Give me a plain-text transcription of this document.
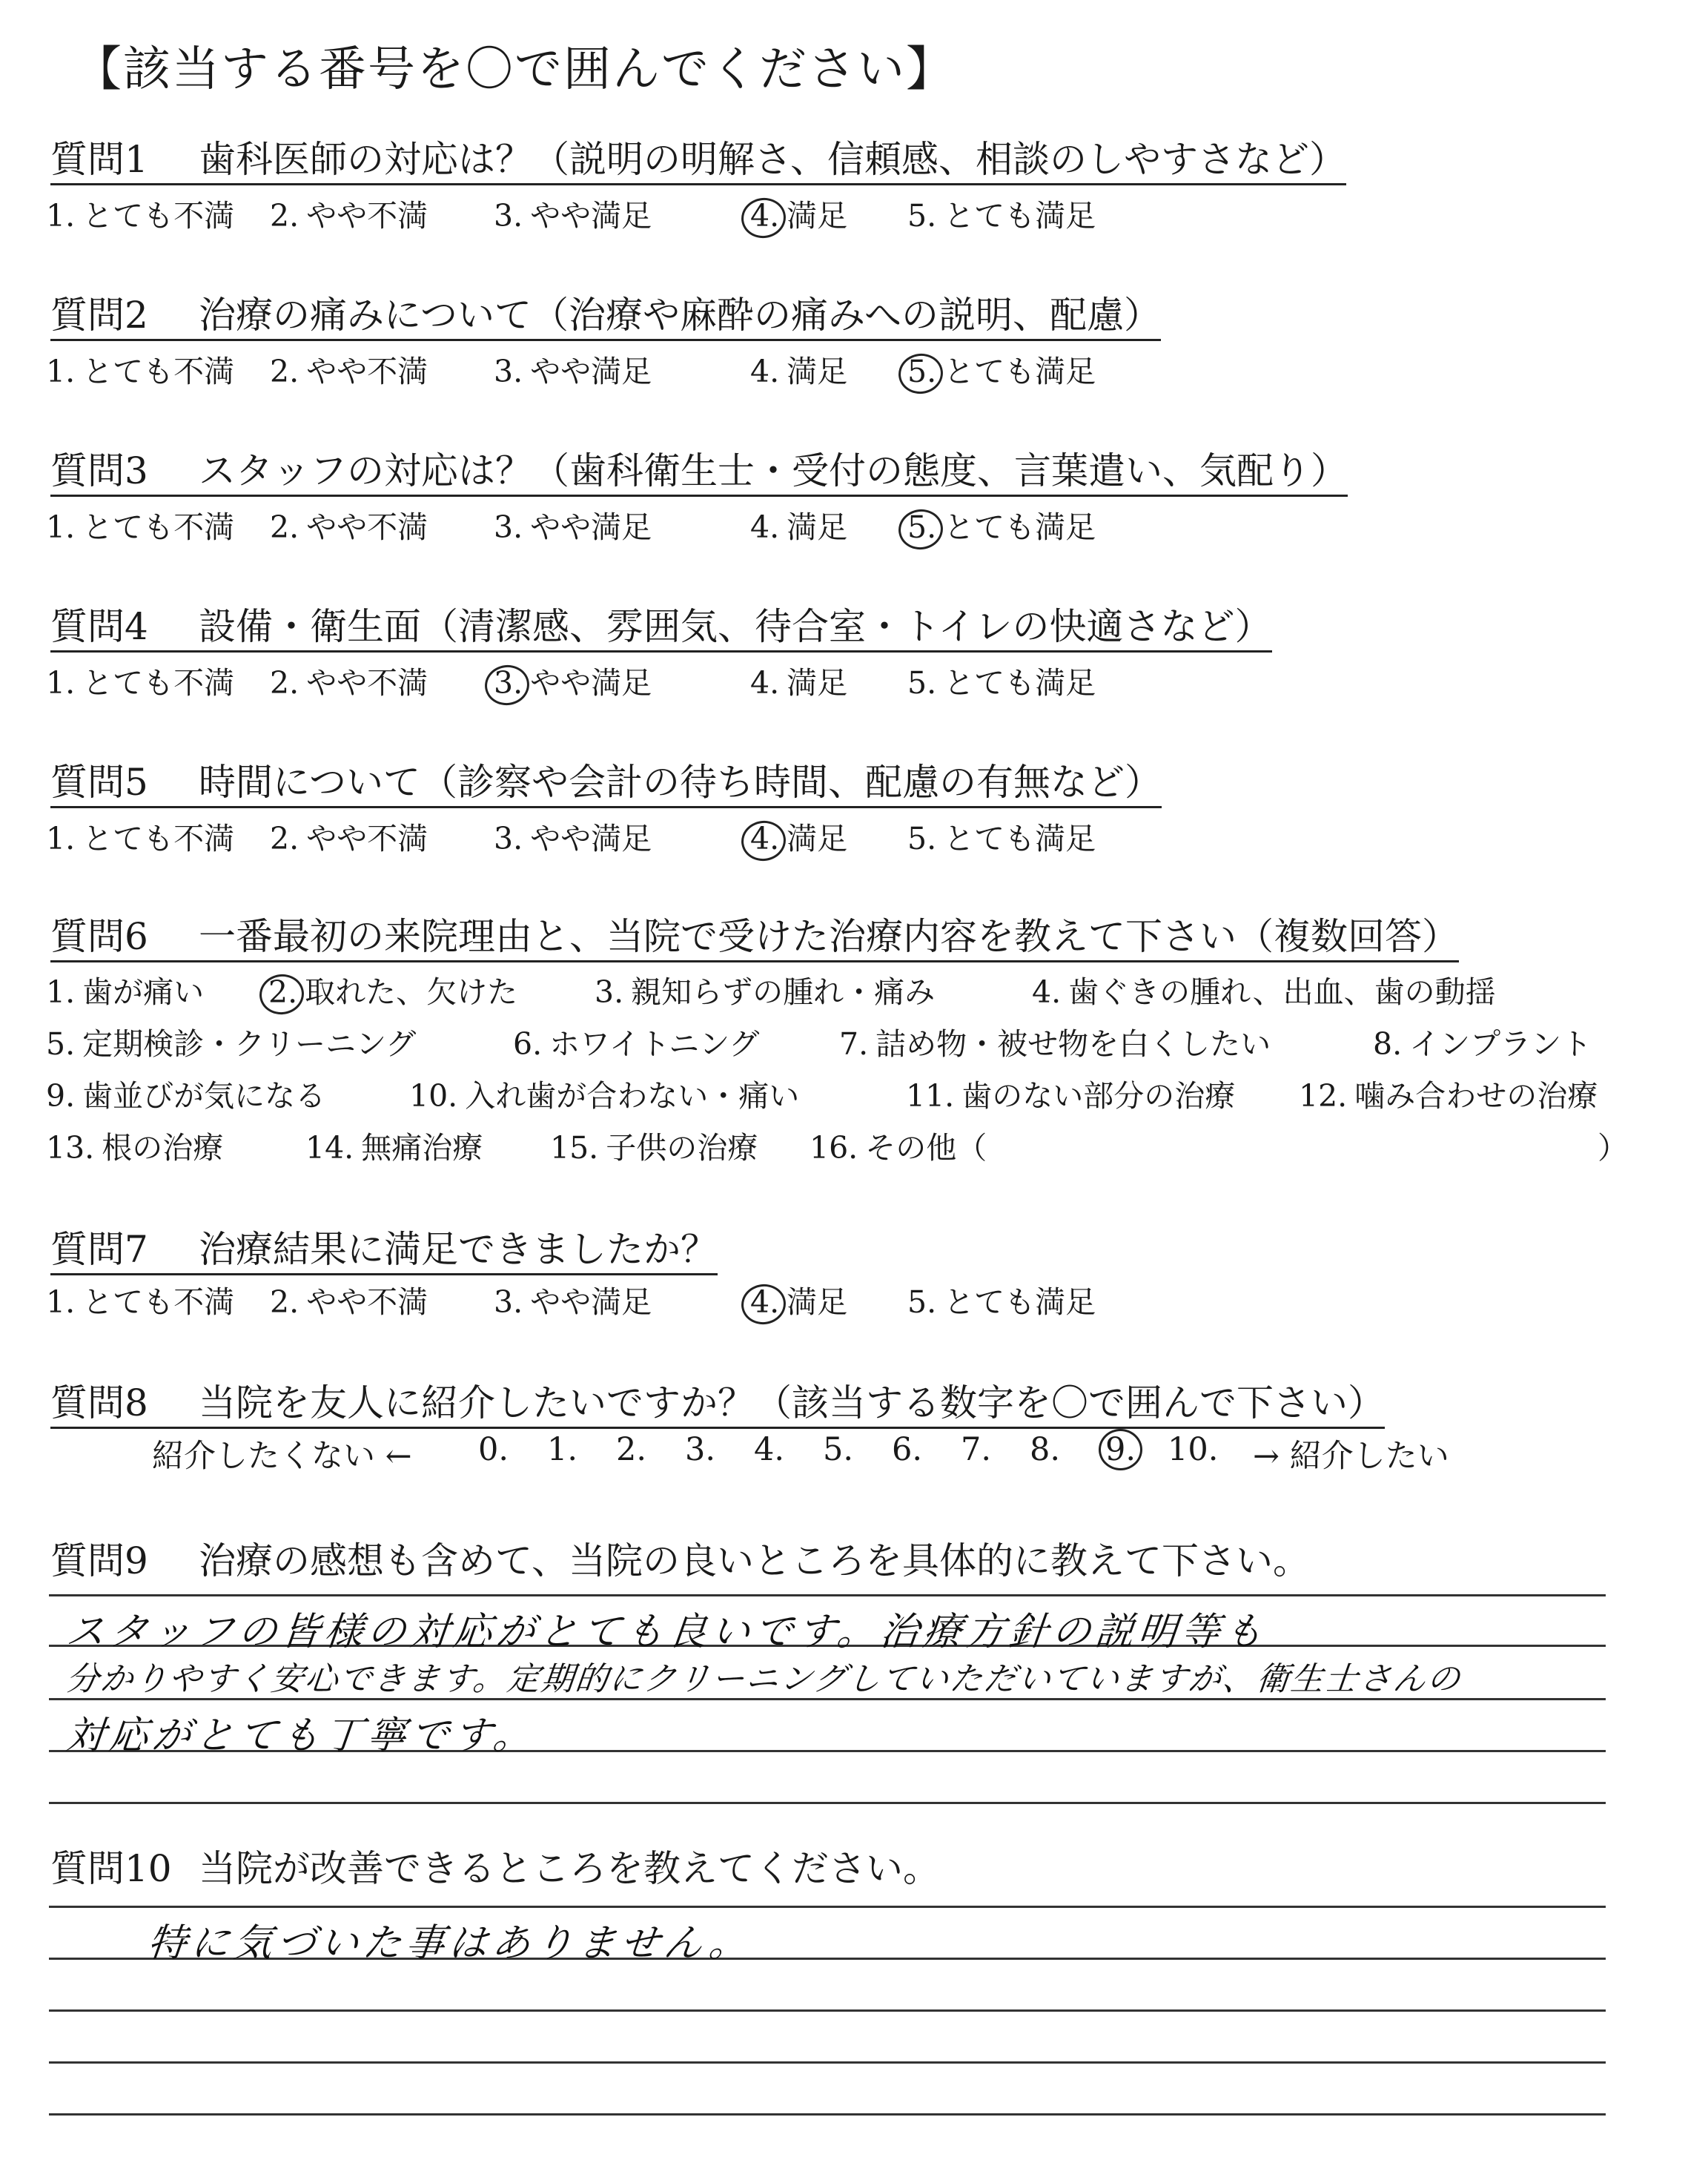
【該当する番号を〇で囲んでください】
質問1 歯科医師の対応は？（説明の明解さ、信頼感、相談のしやすさなど）
1. とても不満 2. やや不満 3. やや満足	4. 満足 5. とても満足
質問2 治療の痛みについて（治療や麻酔の痛みへの説明、配慮）
1. とても不満 2. やや不満 3. やや満足	4. 満足 5. とても満足
質問3 スタッフの対応は？（歯科衛生士・受付の態度、言葉遣い、気配り）
1. とても不満 2. やや不満 3. やや満足	4. 満足 5. とても満足
質問4 設備・衛生面（清潔感、雰囲気、待合室・トイレの快適さなど）
1. とても不満 2. やや不満 3. やや満足	4. 満足 5. とても満足
質問5 時間について（診察や会計の待ち時間、配慮の有無など）
1. とても不満 2. やや不満 3. やや満足	4. 満足 5. とても満足
質問6 一番最初の来院理由と、当院で受けた治療内容を教えて下さい（複数回答）
1. 歯が痛い 2. 取れた、欠けた	3. 親知らずの腫れ・痛み	4. 歯ぐきの腫れ、出血、歯の動揺
5. 定期検診・クリーニング	6. ホワイトニング	7. 詰め物・被せ物を白くしたい	8. インプラント
9. 歯並びが気になる	10. 入れ歯が合わない・痛い	11. 歯のない部分の治療 12. 噛み合わせの治療
13. 根の治療	14. 無痛治療 15. 子供の治療 16. その他（	）
質問7 治療結果に満足できましたか？
1. とても不満 2. やや不満 3. やや満足	4. 満足 5. とても満足
質問8 当院を友人に紹介したいですか？（該当する数字を〇で囲んで下さい）
紹介したくない ← 0. 1. 2. 3. 4. 5. 6. 7. 8. 9. 10. → 紹介したい
質問9 治療の感想も含めて、当院の良いところを具体的に教えて下さい。
スタッフの皆様の対応がとても良いです。治療方針の説明等も
分かりやすく安心できます。定期的にクリーニングしていただいていますが、衛生士さんの
対応がとても丁寧です。
質問10 当院が改善できるところを教えてください。
特に気づいた事はありません。
